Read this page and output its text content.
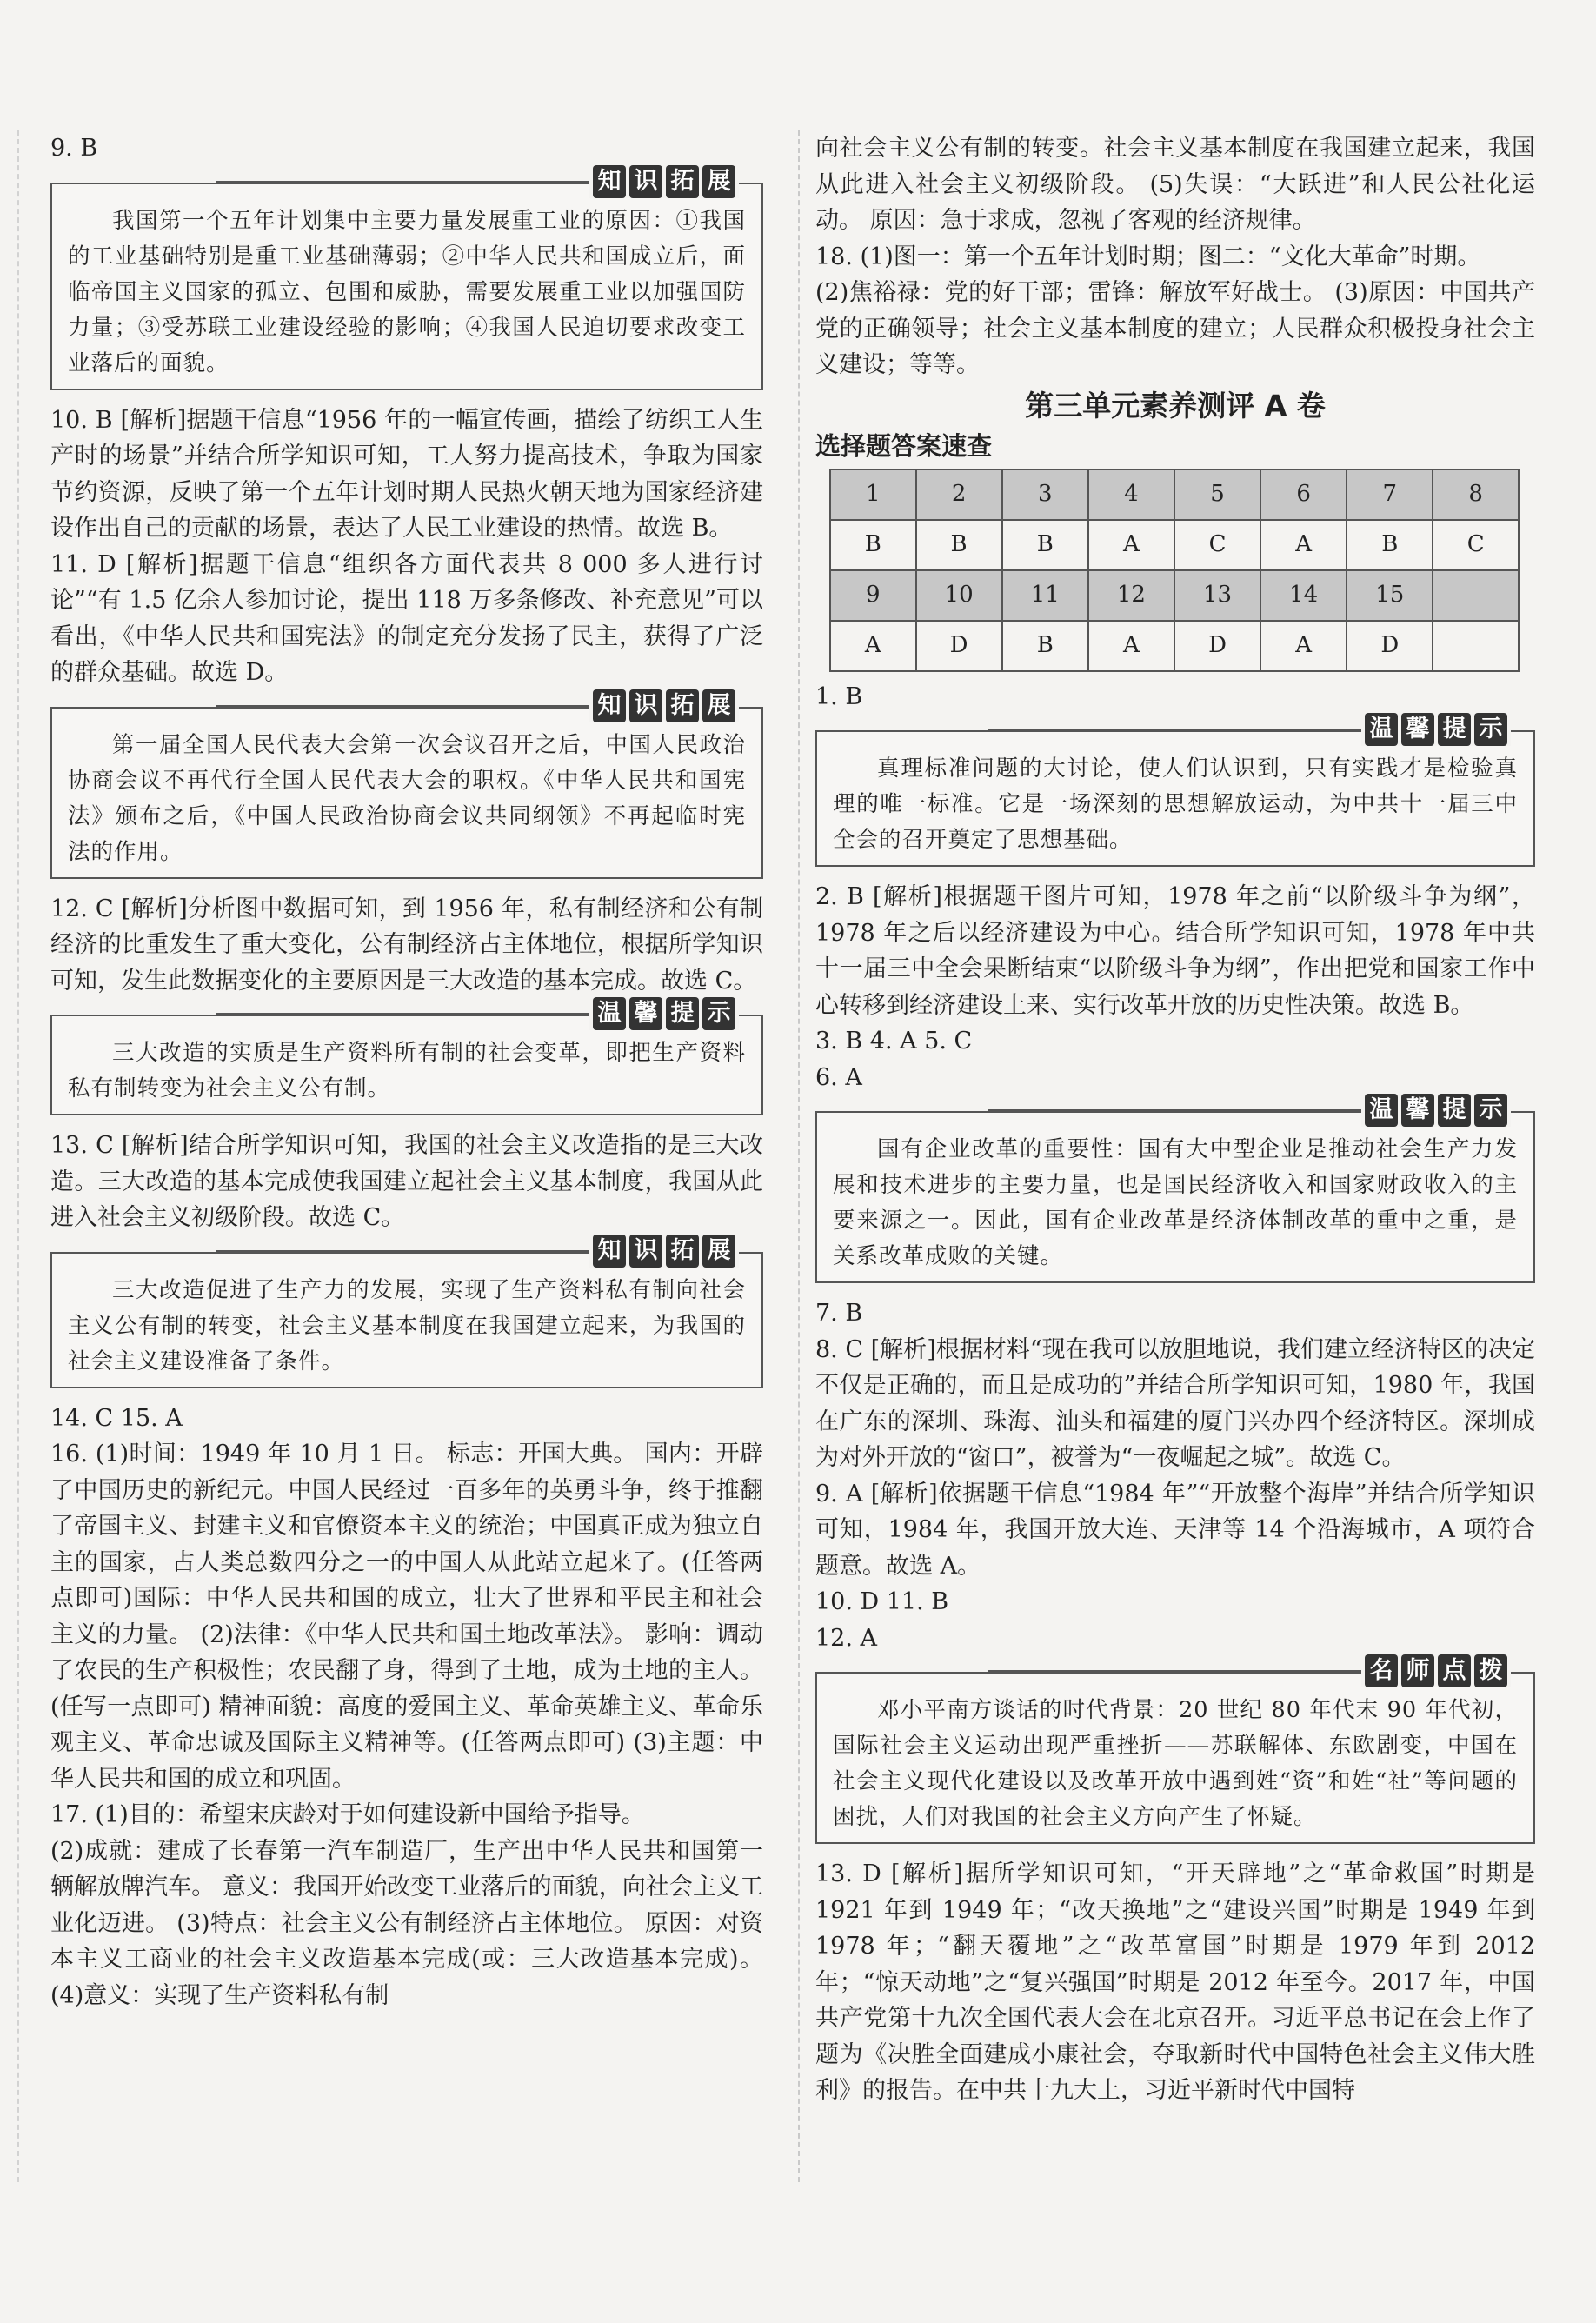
9. B

知 识 拓 展

我国第一个五年计划集中主要力量发展重工业的原因：①我国的工业基础特别是重工业基础薄弱；②中华人民共和国成立后，面临帝国主义国家的孤立、包围和威胁，需要发展重工业以加强国防力量；③受苏联工业建设经验的影响；④我国人民迫切要求改变工业落后的面貌。

10. B [解析]据题干信息“1956 年的一幅宣传画，描绘了纺织工人生产时的场景”并结合所学知识可知，工人努力提高技术，争取为国家节约资源，反映了第一个五年计划时期人民热火朝天地为国家经济建设作出自己的贡献的场景，表达了人民工业建设的热情。故选 B。

11. D [解析]据题干信息“组织各方面代表共 8 000 多人进行讨论”“有 1.5 亿余人参加讨论，提出 118 万多条修改、补充意见”可以看出，《中华人民共和国宪法》的制定充分发扬了民主，获得了广泛的群众基础。故选 D。

知 识 拓 展

第一届全国人民代表大会第一次会议召开之后，中国人民政治协商会议不再代行全国人民代表大会的职权。《中华人民共和国宪法》颁布之后，《中国人民政治协商会议共同纲领》不再起临时宪法的作用。

12. C [解析]分析图中数据可知，到 1956 年，私有制经济和公有制经济的比重发生了重大变化，公有制经济占主体地位，根据所学知识可知，发生此数据变化的主要原因是三大改造的基本完成。故选 C。

温 馨 提 示

三大改造的实质是生产资料所有制的社会变革，即把生产资料私有制转变为社会主义公有制。

13. C [解析]结合所学知识可知，我国的社会主义改造指的是三大改造。三大改造的基本完成使我国建立起社会主义基本制度，我国从此进入社会主义初级阶段。故选 C。

知 识 拓 展

三大改造促进了生产力的发展，实现了生产资料私有制向社会主义公有制的转变，社会主义基本制度在我国建立起来，为我国的社会主义建设准备了条件。

14. C 15. A

16. (1)时间：1949 年 10 月 1 日。 标志：开国大典。 国内：开辟了中国历史的新纪元。中国人民经过一百多年的英勇斗争，终于推翻了帝国主义、封建主义和官僚资本主义的统治；中国真正成为独立自主的国家，占人类总数四分之一的中国人从此站立起来了。(任答两点即可)国际：中华人民共和国的成立，壮大了世界和平民主和社会主义的力量。 (2)法律：《中华人民共和国土地改革法》。 影响：调动了农民的生产积极性；农民翻了身，得到了土地，成为土地的主人。(任写一点即可) 精神面貌：高度的爱国主义、革命英雄主义、革命乐观主义、革命忠诚及国际主义精神等。(任答两点即可) (3)主题：中华人民共和国的成立和巩固。

17. (1)目的：希望宋庆龄对于如何建设新中国给予指导。

(2)成就：建成了长春第一汽车制造厂，生产出中华人民共和国第一辆解放牌汽车。 意义：我国开始改变工业落后的面貌，向社会主义工业化迈进。 (3)特点：社会主义公有制经济占主体地位。 原因：对资本主义工商业的社会主义改造基本完成(或：三大改造基本完成)。 (4)意义：实现了生产资料私有制

向社会主义公有制的转变。社会主义基本制度在我国建立起来，我国从此进入社会主义初级阶段。 (5)失误：“大跃进”和人民公社化运动。 原因：急于求成，忽视了客观的经济规律。

18. (1)图一：第一个五年计划时期；图二：“文化大革命”时期。

(2)焦裕禄：党的好干部；雷锋：解放军好战士。 (3)原因：中国共产党的正确领导；社会主义基本制度的建立；人民群众积极投身社会主义建设；等等。

第三单元素养测评 A 卷
选择题答案速查
1	2	3	4	5	6	7	8
B	B	B	A	C	A	B	C
9	10	11	12	13	14	15	
A	D	B	A	D	A	D	

1. B

温 馨 提 示

真理标准问题的大讨论，使人们认识到，只有实践才是检验真理的唯一标准。它是一场深刻的思想解放运动，为中共十一届三中全会的召开奠定了思想基础。

2. B [解析]根据题干图片可知，1978 年之前“以阶级斗争为纲”，1978 年之后以经济建设为中心。结合所学知识可知，1978 年中共十一届三中全会果断结束“以阶级斗争为纲”，作出把党和国家工作中心转移到经济建设上来、实行改革开放的历史性决策。故选 B。

3. B 4. A 5. C

6. A

温 馨 提 示

国有企业改革的重要性：国有大中型企业是推动社会生产力发展和技术进步的主要力量，也是国民经济收入和国家财政收入的主要来源之一。因此，国有企业改革是经济体制改革的重中之重，是关系改革成败的关键。

7. B

8. C [解析]根据材料“现在我可以放胆地说，我们建立经济特区的决定不仅是正确的，而且是成功的”并结合所学知识可知，1980 年，我国在广东的深圳、珠海、汕头和福建的厦门兴办四个经济特区。深圳成为对外开放的“窗口”，被誉为“一夜崛起之城”。故选 C。

9. A [解析]依据题干信息“1984 年”“开放整个海岸”并结合所学知识可知，1984 年，我国开放大连、天津等 14 个沿海城市，A 项符合题意。故选 A。

10. D 11. B

12. A

名 师 点 拨

邓小平南方谈话的时代背景：20 世纪 80 年代末 90 年代初，国际社会主义运动出现严重挫折——苏联解体、东欧剧变，中国在社会主义现代化建设以及改革开放中遇到姓“资”和姓“社”等问题的困扰，人们对我国的社会主义方向产生了怀疑。

13. D [解析]据所学知识可知，“开天辟地”之“革命救国”时期是 1921 年到 1949 年；“改天换地”之“建设兴国”时期是 1949 年到 1978 年；“翻天覆地”之“改革富国”时期是 1979 年到 2012 年；“惊天动地”之“复兴强国”时期是 2012 年至今。2017 年，中国共产党第十九次全国代表大会在北京召开。习近平总书记在会上作了题为《决胜全面建成小康社会，夺取新时代中国特色社会主义伟大胜利》的报告。在中共十九大上，习近平新时代中国特
